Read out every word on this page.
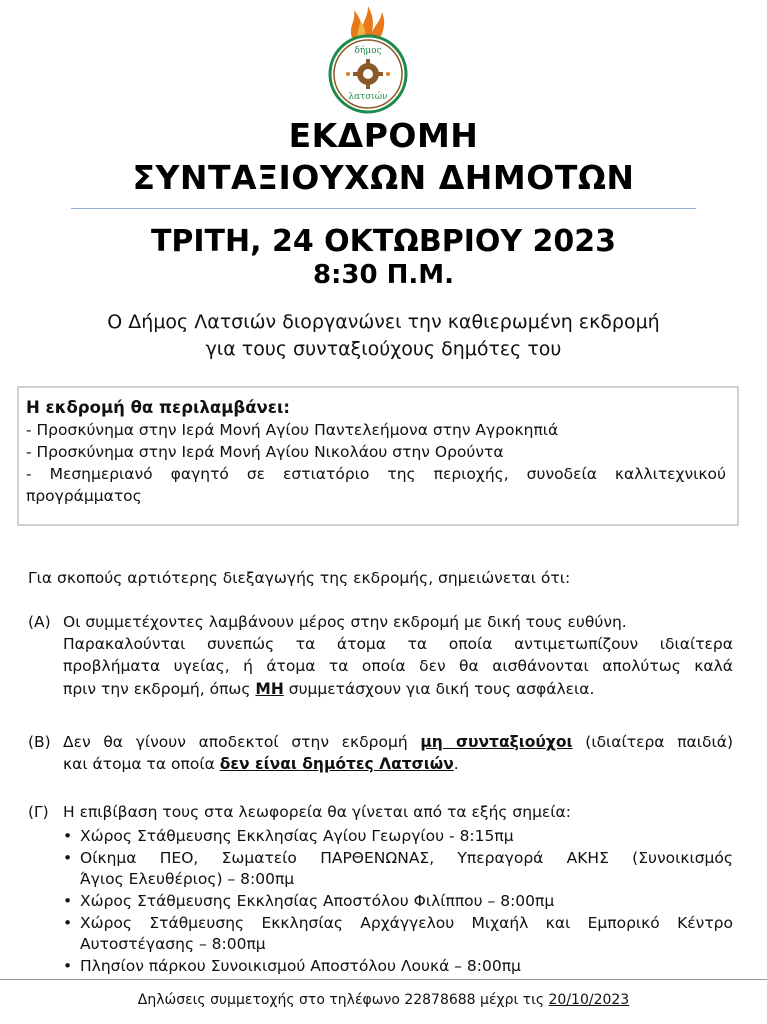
δήμος
λατσιών
ΕΚΔΡΟΜΗ
ΣΥΝΤΑΞΙΟΥΧΩΝ ΔΗΜΟΤΩΝ
ΤΡΙΤΗ, 24 ΟΚΤΩΒΡΙΟΥ 2023
8:30 Π.Μ.
Ο Δήμος Λατσιών διοργανώνει την καθιερωμένη εκδρομή
για τους συνταξιούχους δημότες του
Η εκδρομή θα περιλαμβάνει:
- Προσκύνημα στην Ιερά Μονή Αγίου Παντελεήμονα στην Αγροκηπιά
- Προσκύνημα στην Ιερά Μονή Αγίου Νικολάου στην Ορούντα
- Μεσημεριανό φαγητό σε εστιατόριο της περιοχής, συνοδεία καλλιτεχνικού
προγράμματος
Για σκοπούς αρτιότερης διεξαγωγής της εκδρομής, σημειώνεται ότι:
(Α) Οι συμμετέχοντες λαμβάνουν μέρος στην εκδρομή με δική τους ευθύνη.
Παρακαλούνται συνεπώς τα άτομα τα οποία αντιμετωπίζουν ιδιαίτερα
προβλήματα υγείας, ή άτομα τα οποία δεν θα αισθάνονται απολύτως καλά
πριν την εκδρομή, όπως ΜΗ συμμετάσχουν για δική τους ασφάλεια.
(Β) Δεν θα γίνουν αποδεκτοί στην εκδρομή μη συνταξιούχοι (ιδιαίτερα παιδιά)
και άτομα τα οποία δεν είναι δημότες Λατσιών.
(Γ) Η επιβίβαση τους στα λεωφορεία θα γίνεται από τα εξής σημεία:
• Χώρος Στάθμευσης Εκκλησίας Αγίου Γεωργίου - 8:15πμ
• Οίκημα ΠΕΟ, Σωματείο ΠΑΡΘΕΝΩΝΑΣ, Υπεραγορά ΑΚΗΣ (Συνοικισμός
Άγιος Ελευθέριος) – 8:00πμ
• Χώρος Στάθμευσης Εκκλησίας Αποστόλου Φιλίππου – 8:00πμ
• Χώρος Στάθμευσης Εκκλησίας Αρχάγγελου Μιχαήλ και Εμπορικό Κέντρο
Αυτοστέγασης – 8:00πμ
• Πλησίον πάρκου Συνοικισμού Αποστόλου Λουκά – 8:00πμ
Δηλώσεις συμμετοχής στο τηλέφωνο 22878688 μέχρι τις 20/10/2023
